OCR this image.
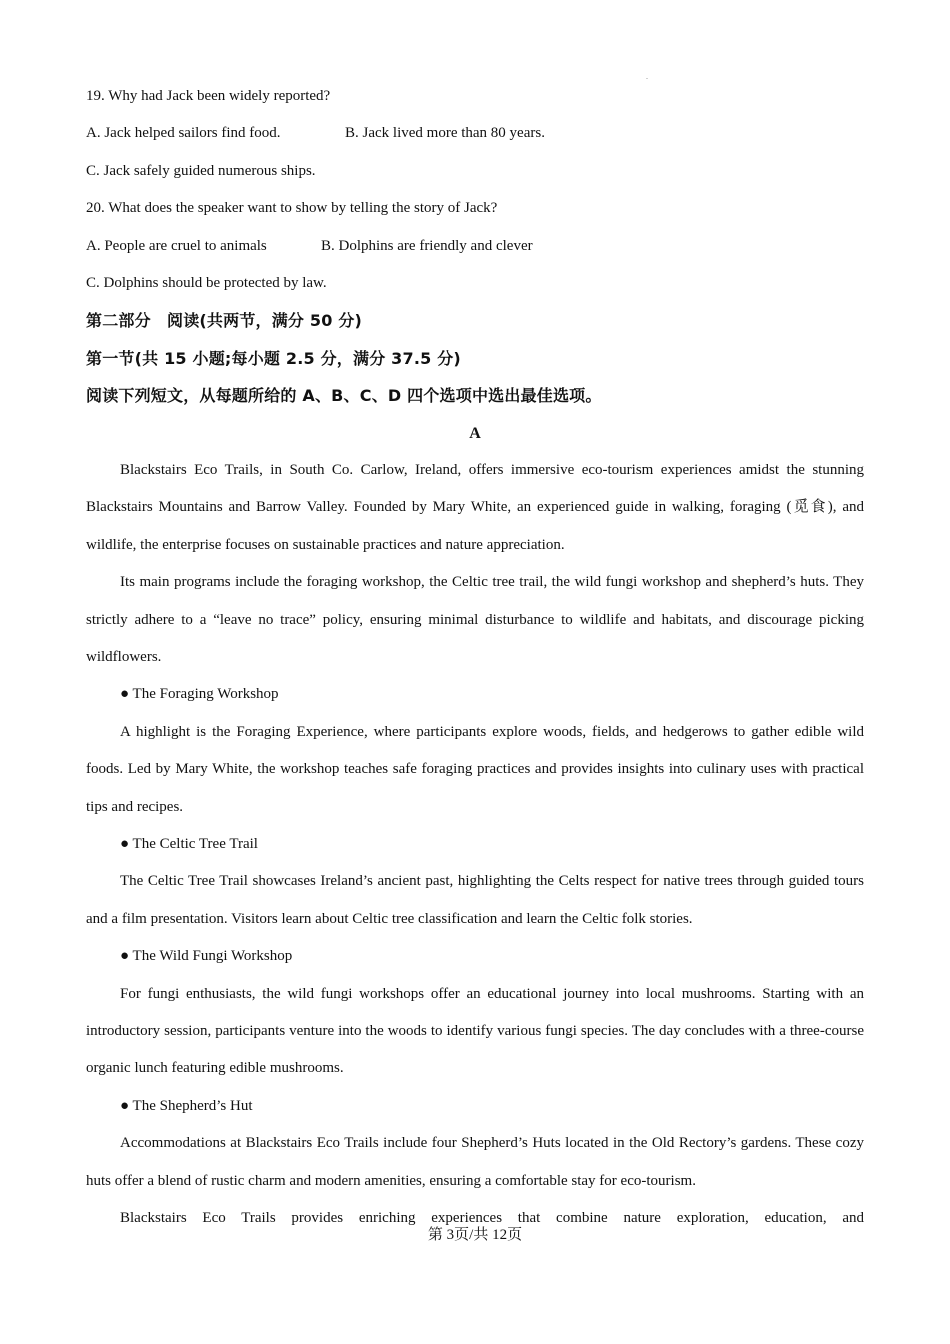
.
19. Why had Jack been widely reported?
A. Jack helped sailors find food.	B. Jack lived more than 80 years.
C. Jack safely guided numerous ships.
20. What does the speaker want to show by telling the story of Jack?
A. People are cruel to animals	B. Dolphins are friendly and clever
C. Dolphins should be protected by law.
第二部分　阅读(共两节，满分 50 分)
第一节(共 15 小题;每小题 2.5 分，满分 37.5 分)
阅读下列短文，从每题所给的 A、B、C、D 四个选项中选出最佳选项。
A

Blackstairs Eco Trails, in South Co. Carlow, Ireland, offers immersive eco-tourism experiences amidst the stunning Blackstairs Mountains and Barrow Valley. Founded by Mary White, an experienced guide in walking, foraging (觅食), and wildlife, the enterprise focuses on sustainable practices and nature appreciation.

Its main programs include the foraging workshop, the Celtic tree trail, the wild fungi workshop and shepherd’s huts. They strictly adhere to a “leave no trace” policy, ensuring minimal disturbance to wildlife and habitats, and discourage picking wildflowers.

● The Foraging Workshop

A highlight is the Foraging Experience, where participants explore woods, fields, and hedgerows to gather edible wild foods. Led by Mary White, the workshop teaches safe foraging practices and provides insights into culinary uses with practical tips and recipes.

● The Celtic Tree Trail

The Celtic Tree Trail showcases Ireland’s ancient past, highlighting the Celts respect for native trees through guided tours and a film presentation. Visitors learn about Celtic tree classification and learn the Celtic folk stories.

● The Wild Fungi Workshop

For fungi enthusiasts, the wild fungi workshops offer an educational journey into local mushrooms. Starting with an introductory session, participants venture into the woods to identify various fungi species. The day concludes with a three-course organic lunch featuring edible mushrooms.

● The Shepherd’s Hut

Accommodations at Blackstairs Eco Trails include four Shepherd’s Huts located in the Old Rectory’s gardens. These cozy huts offer a blend of rustic charm and modern amenities, ensuring a comfortable stay for eco-tourism.

Blackstairs Eco Trails provides enriching experiences that combine nature exploration, education, and

第 3页/共 12页
